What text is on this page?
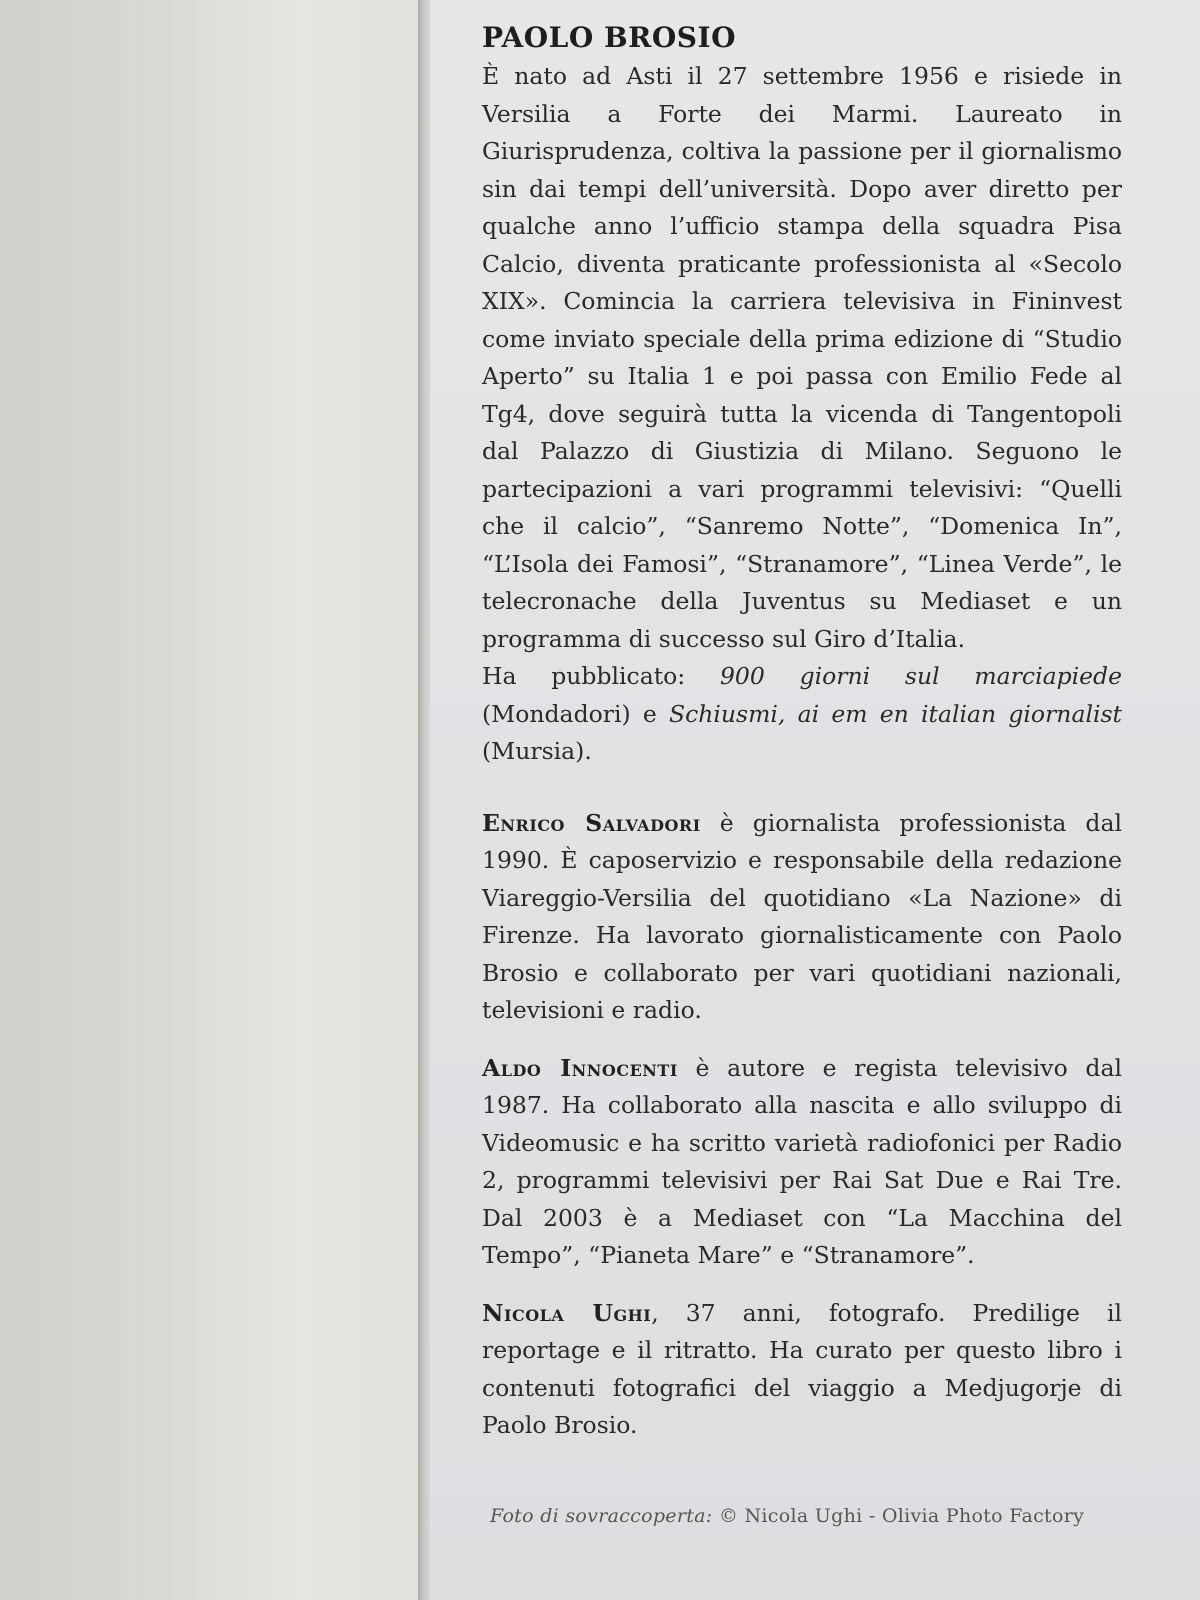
PAOLO BROSIO

È nato ad Asti il 27 settembre 1956 e risiede in Versilia a Forte dei Marmi. Laureato in Giurisprudenza, coltiva la passione per il giornalismo sin dai tempi dell’università. Dopo aver diretto per qualche anno l’ufficio stampa della squadra Pisa Calcio, diventa praticante professionista al «Secolo XIX». Comincia la carriera televisiva in Fininvest come inviato speciale della prima edizione di “Studio Aperto” su Italia 1 e poi passa con Emilio Fede al Tg4, dove seguirà tutta la vicenda di Tangentopoli dal Palazzo di Giustizia di Milano. Seguono le partecipazioni a vari programmi televisivi: “Quelli che il calcio”, “Sanremo Notte”, “Domenica In”, “L’Isola dei Famosi”, “Stranamore”, “Linea Verde”, le telecronache della Juventus su Mediaset e un programma di successo sul Giro d’Italia.

Ha pubblicato: 900 giorni sul marciapiede (Mondadori) e Schiusmi, ai em en italian giornalist (Mursia).

Enrico Salvadori è giornalista professionista dal 1990. È caposervizio e responsabile della redazione Viareggio-Versilia del quotidiano «La Nazione» di Firenze. Ha lavorato giornalisticamente con Paolo Brosio e collaborato per vari quotidiani nazionali, televisioni e radio.

Aldo Innocenti è autore e regista televisivo dal 1987. Ha collaborato alla nascita e allo sviluppo di Videomusic e ha scritto varietà radiofonici per Radio 2, programmi televisivi per Rai Sat Due e Rai Tre. Dal 2003 è a Mediaset con “La Macchina del Tempo”, “Pianeta Mare” e “Stranamore”.

Nicola Ughi, 37 anni, fotografo. Predilige il reportage e il ritratto. Ha curato per questo libro i contenuti fotografici del viaggio a Medjugorje di Paolo Brosio.

Foto di sovraccoperta: © Nicola Ughi - Olivia Photo Factory
